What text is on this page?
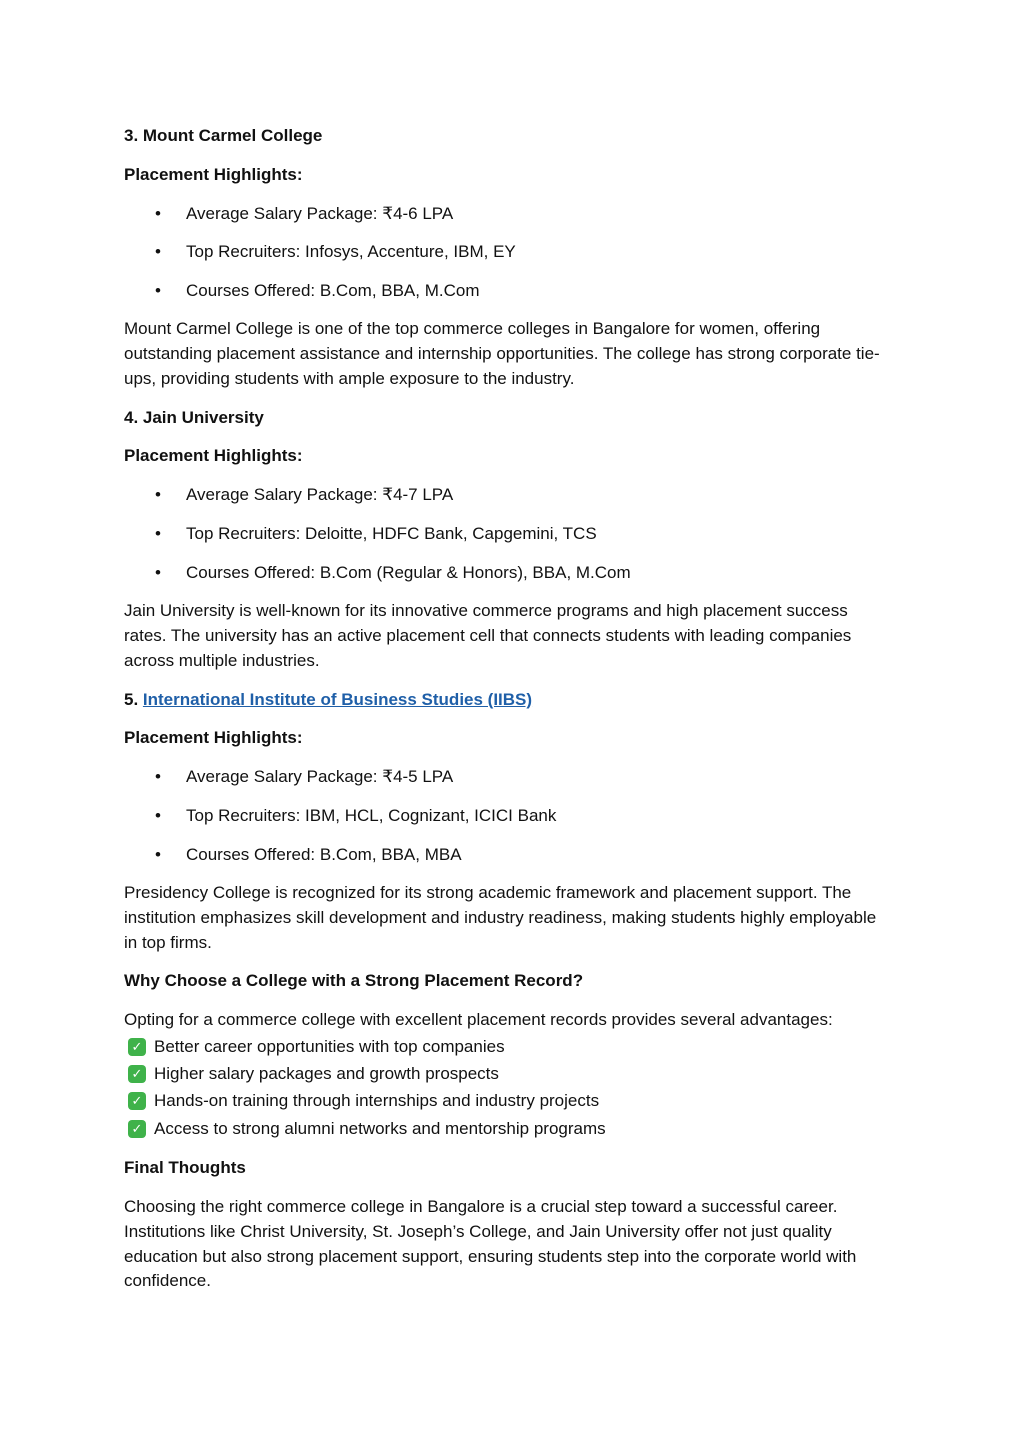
3. Mount Carmel College
Placement Highlights:
• Average Salary Package: ₹4-6 LPA
• Top Recruiters: Infosys, Accenture, IBM, EY
• Courses Offered: B.Com, BBA, M.Com
Mount Carmel College is one of the top commerce colleges in Bangalore for women, offering
outstanding placement assistance and internship opportunities. The college has strong corporate tie-
ups, providing students with ample exposure to the industry.
4. Jain University
Placement Highlights:
• Average Salary Package: ₹4-7 LPA
• Top Recruiters: Deloitte, HDFC Bank, Capgemini, TCS
• Courses Offered: B.Com (Regular & Honors), BBA, M.Com
Jain University is well-known for its innovative commerce programs and high placement success
rates. The university has an active placement cell that connects students with leading companies
across multiple industries.
5. International Institute of Business Studies (IIBS)
Placement Highlights:
• Average Salary Package: ₹4-5 LPA
• Top Recruiters: IBM, HCL, Cognizant, ICICI Bank
• Courses Offered: B.Com, BBA, MBA
Presidency College is recognized for its strong academic framework and placement support. The
institution emphasizes skill development and industry readiness, making students highly employable
in top firms.
Why Choose a College with a Strong Placement Record?
Opting for a commerce college with excellent placement records provides several advantages:
✓ Better career opportunities with top companies
✓ Higher salary packages and growth prospects
✓ Hands-on training through internships and industry projects
✓ Access to strong alumni networks and mentorship programs
Final Thoughts
Choosing the right commerce college in Bangalore is a crucial step toward a successful career.
Institutions like Christ University, St. Joseph’s College, and Jain University offer not just quality
education but also strong placement support, ensuring students step into the corporate world with
confidence.
